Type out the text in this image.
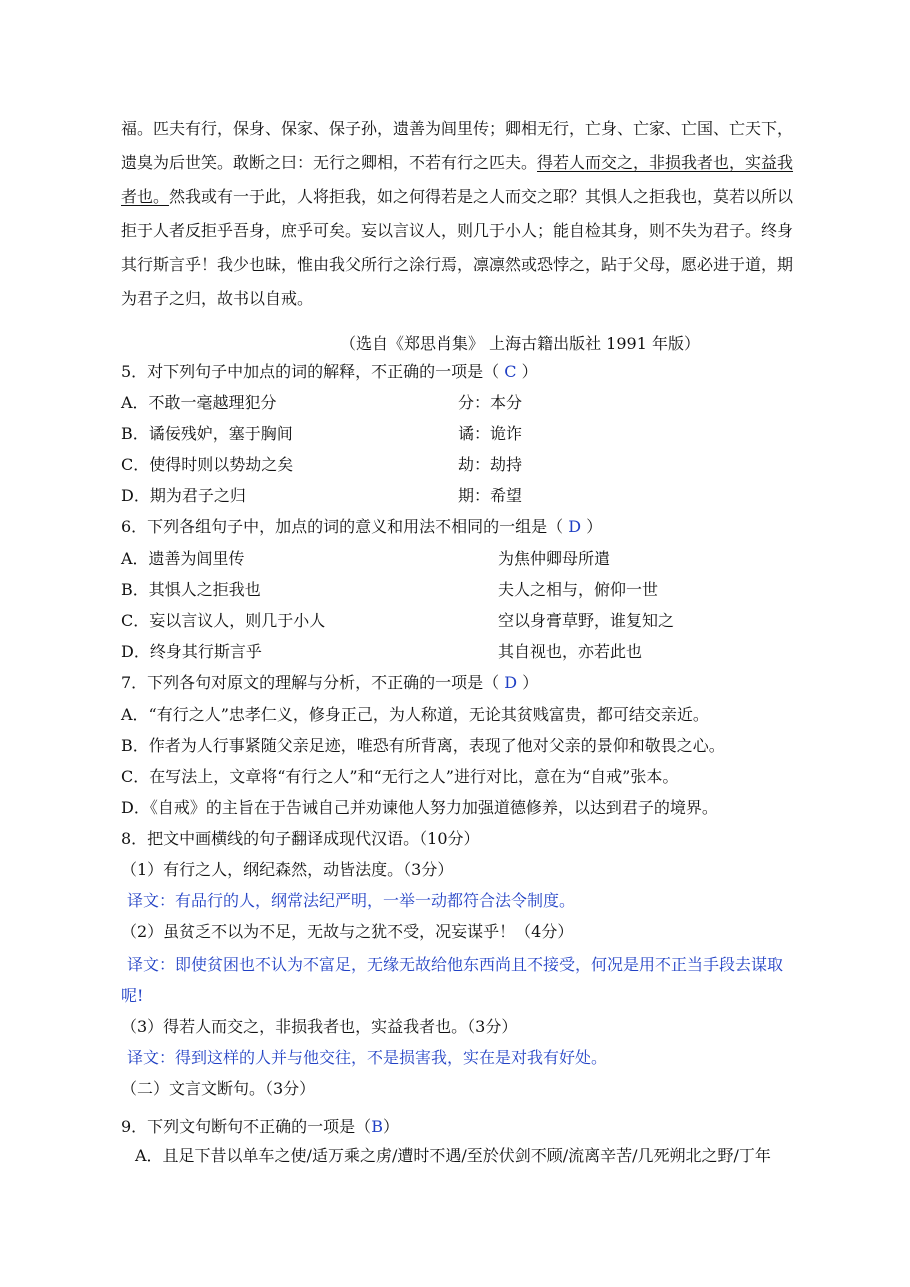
福。匹夫有行，保身、保家、保子孙，遗善为闾里传；卿相无行，亡身、亡家、亡国、亡天下，
遗臭为后世笑。敢断之曰：无行之卿相，不若有行之匹夫。得若人而交之，非损我者也，实益我
者也。然我或有一于此，人将拒我，如之何得若是之人而交之耶？其惧人之拒我也，莫若以所以
拒于人者反拒乎吾身，庶乎可矣。妄以言议人，则几于小人；能自检其身，则不失为君子。终身
其行斯言乎！我少也昧，惟由我父所行之涂行焉，凛凛然或恐悖之，跕于父母，愿必进于道，期
为君子之归，故书以自戒。
（选自《郑思肖集》 上海古籍出版社 1991 年版）
5．对下列句子中加点的词的解释，不正确的一项是（ C ）
A．不敢一毫越理犯分	分：本分
B．谲佞残妒，塞于胸间	谲：诡诈
C．使得时则以势劫之矣	劫：劫持
D．期为君子之归	期：希望
6．下列各组句子中，加点的词的意义和用法不相同的一组是（ D ）
A．遗善为闾里传	为焦仲卿母所遣
B．其惧人之拒我也	夫人之相与，俯仰一世
C．妄以言议人，则几于小人	空以身膏草野，谁复知之
D．终身其行斯言乎	其自视也，亦若此也
7．下列各句对原文的理解与分析，不正确的一项是（ D ）
A．“有行之人”忠孝仁义，修身正己，为人称道，无论其贫贱富贵，都可结交亲近。
B．作者为人行事紧随父亲足迹，唯恐有所背离，表现了他对父亲的景仰和敬畏之心。
C．在写法上，文章将“有行之人”和“无行之人”进行对比，意在为“自戒”张本。
D．《自戒》的主旨在于告诫自己并劝谏他人努力加强道德修养，以达到君子的境界。
8．把文中画横线的句子翻译成现代汉语。（10分）
（1）有行之人，纲纪森然，动皆法度。（3分）
译文：有品行的人，纲常法纪严明，一举一动都符合法令制度。
（2）虽贫乏不以为不足，无故与之犹不受，况妄谋乎！（4分）
译文：即使贫困也不认为不富足，无缘无故给他东西尚且不接受，何况是用不正当手段去谋取
呢!
（3）得若人而交之，非损我者也，实益我者也。（3分）
译文：得到这样的人并与他交往，不是损害我，实在是对我有好处。
（二）文言文断句。（3分）
9．下列文句断句不正确的一项是（B）
A．且足下昔以单车之使/适万乘之虏/遭时不遇/至於伏剑不顾/流离辛苦/几死朔北之野/丁年
